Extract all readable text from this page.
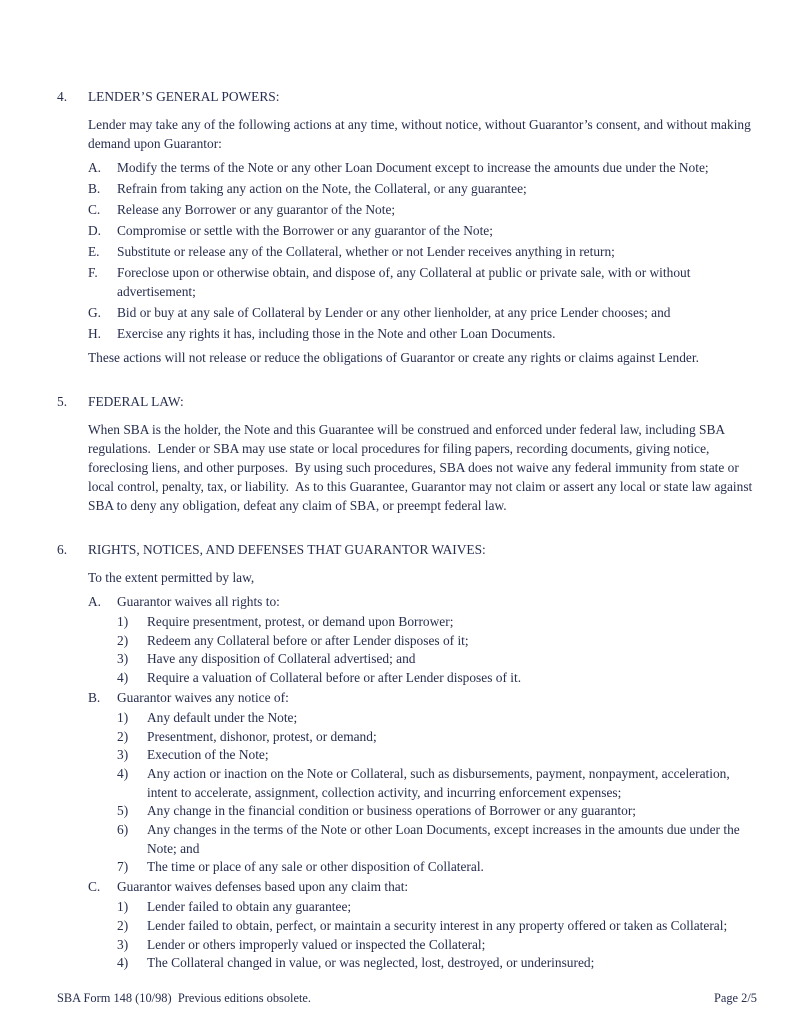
4.	LENDER’S GENERAL POWERS:

Lender may take any of the following actions at any time, without notice, without Guarantor’s consent, and without making demand upon Guarantor:

A.	Modify the terms of the Note or any other Loan Document except to increase the amounts due under the Note;
B.	Refrain from taking any action on the Note, the Collateral, or any guarantee;
C.	Release any Borrower or any guarantor of the Note;
D.	Compromise or settle with the Borrower or any guarantor of the Note;
E.	Substitute or release any of the Collateral, whether or not Lender receives anything in return;
F.	Foreclose upon or otherwise obtain, and dispose of, any Collateral at public or private sale, with or without advertisement;
G.	Bid or buy at any sale of Collateral by Lender or any other lienholder, at any price Lender chooses; and
H.	Exercise any rights it has, including those in the Note and other Loan Documents.

These actions will not release or reduce the obligations of Guarantor or create any rights or claims against Lender.

5.	FEDERAL LAW:

When SBA is the holder, the Note and this Guarantee will be construed and enforced under federal law, including SBA regulations.  Lender or SBA may use state or local procedures for filing papers, recording documents, giving notice, foreclosing liens, and other purposes.  By using such procedures, SBA does not waive any federal immunity from state or local control, penalty, tax, or liability.  As to this Guarantee, Guarantor may not claim or assert any local or state law against SBA to deny any obligation, defeat any claim of SBA, or preempt federal law.

6.	RIGHTS, NOTICES, AND DEFENSES THAT GUARANTOR WAIVES:

To the extent permitted by law,

A.	Guarantor waives all rights to:
1)	Require presentment, protest, or demand upon Borrower;
2)	Redeem any Collateral before or after Lender disposes of it;
3)	Have any disposition of Collateral advertised; and
4)	Require a valuation of Collateral before or after Lender disposes of it.
B.	Guarantor waives any notice of:
1)	Any default under the Note;
2)	Presentment, dishonor, protest, or demand;
3)	Execution of the Note;
4)	Any action or inaction on the Note or Collateral, such as disbursements, payment, nonpayment, acceleration, intent to accelerate, assignment, collection activity, and incurring enforcement expenses;
5)	Any change in the financial condition or business operations of Borrower or any guarantor;
6)	Any changes in the terms of the Note or other Loan Documents, except increases in the amounts due under the Note; and
7)	The time or place of any sale or other disposition of Collateral.
C.	Guarantor waives defenses based upon any claim that:
1)	Lender failed to obtain any guarantee;
2)	Lender failed to obtain, perfect, or maintain a security interest in any property offered or taken as Collateral;
3)	Lender or others improperly valued or inspected the Collateral;
4)	The Collateral changed in value, or was neglected, lost, destroyed, or underinsured;
SBA Form 148 (10/98)  Previous editions obsolete.	Page 2/5
